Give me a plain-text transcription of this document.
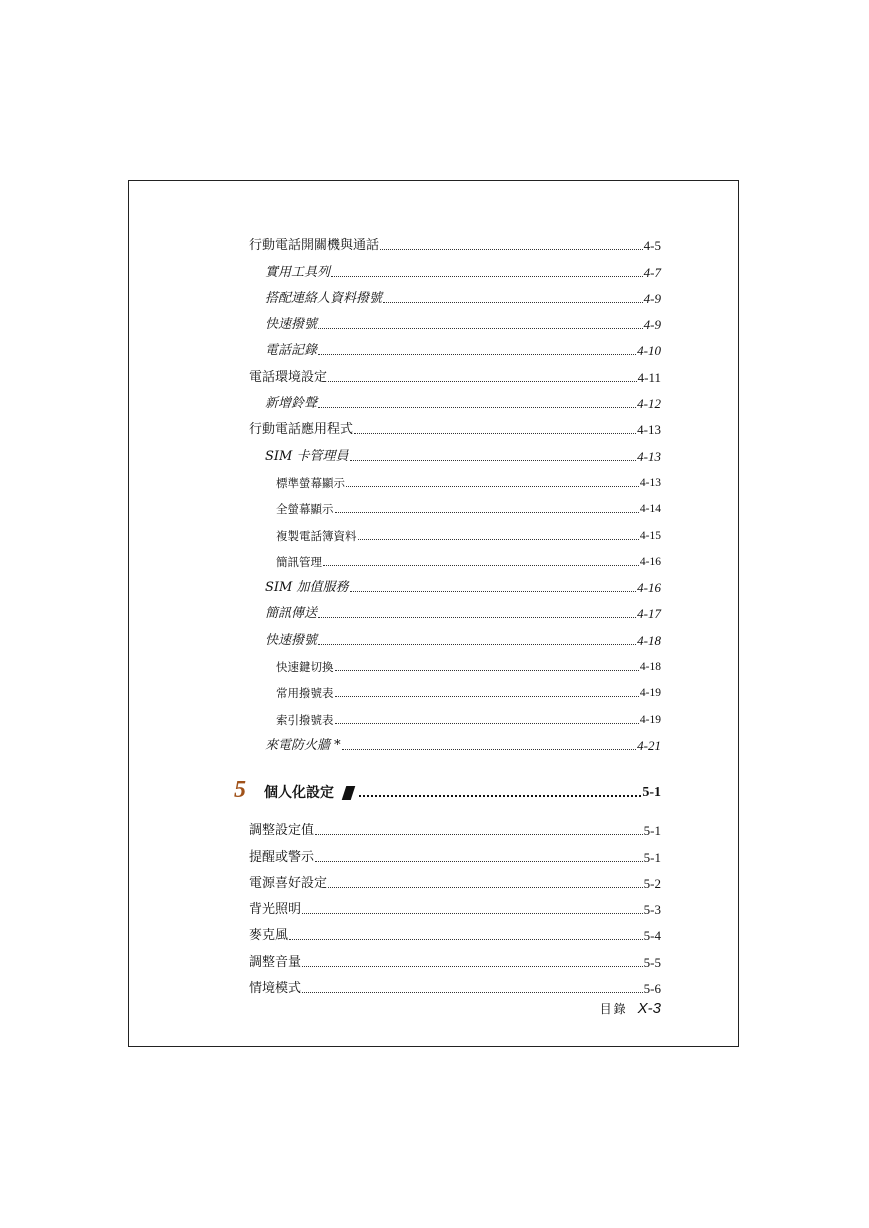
行動電話開關機與通話	4-5
實用工具列	4-7
搭配連絡人資料撥號	4-9
快速撥號	4-9
電話記錄	4-10
電話環境設定	4-11
新增鈴聲	4-12
行動電話應用程式	4-13
SIM 卡管理員	4-13
標準螢幕顯示	4-13
全螢幕顯示	4-14
複製電話簿資料	4-15
簡訊管理	4-16
SIM 加值服務	4-16
簡訊傳送	4-17
快速撥號	4-18
快速鍵切換	4-18
常用撥號表	4-19
索引撥號表	4-19
來電防火牆 *	4-21
5	個人化設定	5-1
調整設定值	5-1
提醒或警示	5-1
電源喜好設定	5-2
背光照明	5-3
麥克風	5-4
調整音量	5-5
情境模式	5-6
目錄 X-3
